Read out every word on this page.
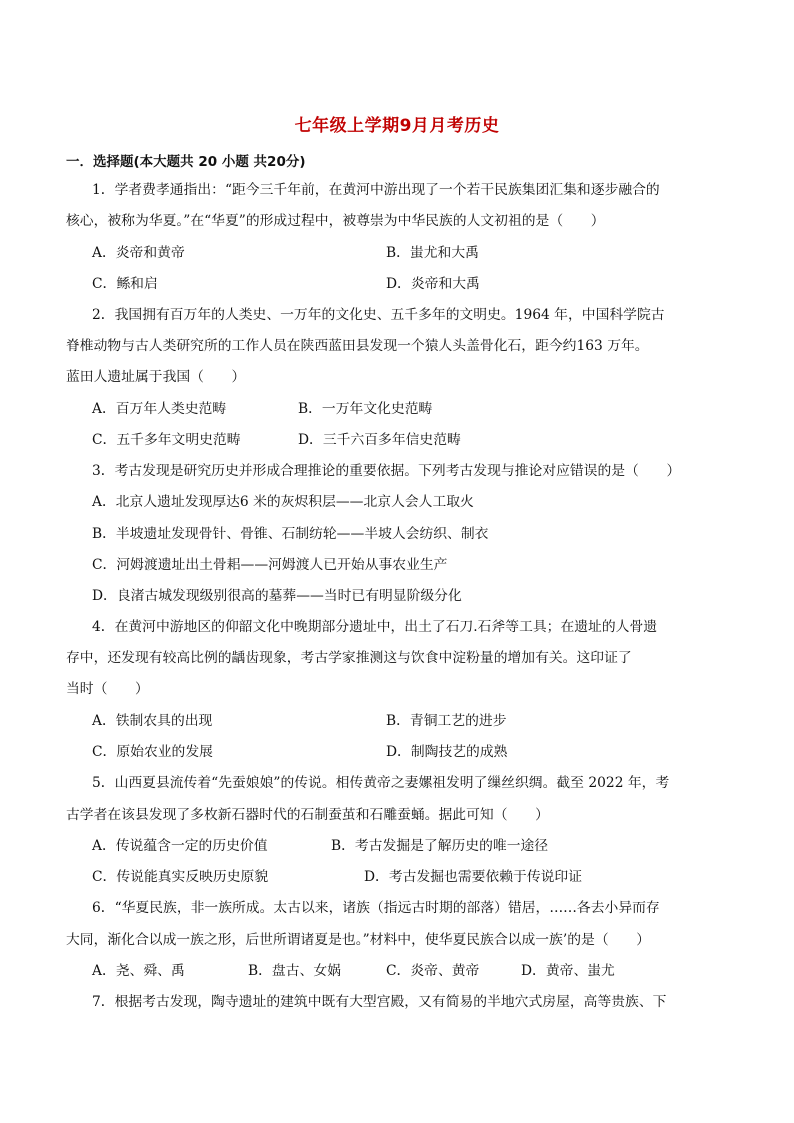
七年级上学期9月月考历史
一．选择题(本大题共 20 小题 共20分)
1．学者费孝通指出：“距今三千年前，在黄河中游出现了一个若干民族集团汇集和逐步融合的
核心，被称为华夏。”在“华夏”的形成过程中，被尊崇为中华民族的人文初祖的是（　　）
A．炎帝和黄帝	B．蚩尤和大禹
C．鲧和启	D．炎帝和大禹
2．我国拥有百万年的人类史、一万年的文化史、五千多年的文明史。1964 年，中国科学院古
脊椎动物与古人类研究所的工作人员在陕西蓝田县发现一个猿人头盖骨化石，距今约163 万年。
蓝田人遗址属于我国（　　）
A．百万年人类史范畴	B．一万年文化史范畴
C．五千多年文明史范畴	D．三千六百多年信史范畴
3．考古发现是研究历史并形成合理推论的重要依据。下列考古发现与推论对应错误的是（　　）
A．北京人遗址发现厚达6 米的灰烬积层——北京人会人工取火
B．半坡遗址发现骨针、骨锥、石制纺轮——半坡人会纺织、制衣
C．河姆渡遗址出土骨耜——河姆渡人已开始从事农业生产
D．良渚古城发现级别很高的墓葬——当时已有明显阶级分化
4．在黄河中游地区的仰韶文化中晚期部分遗址中，出土了石刀.石斧等工具；在遗址的人骨遗
存中，还发现有较高比例的龋齿现象，考古学家推测这与饮食中淀粉量的增加有关。这印证了
当时（　　）
A．铁制农具的出现	B．青铜工艺的进步
C．原始农业的发展	D．制陶技艺的成熟
5．山西夏县流传着“先蚕娘娘”的传说。相传黄帝之妻嫘祖发明了缫丝织绸。截至 2022 年，考
古学者在该县发现了多枚新石器时代的石制蚕茧和石雕蚕蛹。据此可知（　　）
A．传说蕴含一定的历史价值	B．考古发掘是了解历史的唯一途径
C．传说能真实反映历史原貌	D．考古发掘也需要依赖于传说印证
6．“华夏民族，非一族所成。太古以来，诸族（指远古时期的部落）错居，……各去小异而存
大同，渐化合以成一族之形，后世所谓诸夏是也。”材料中，使华夏民族合以成一族’的是（　　）
A．尧、舜、禹	B．盘古、女娲	C．炎帝、黄帝	D．黄帝、蚩尤
7．根据考古发现，陶寺遗址的建筑中既有大型宫殿，又有简易的半地穴式房屋，高等贵族、下
